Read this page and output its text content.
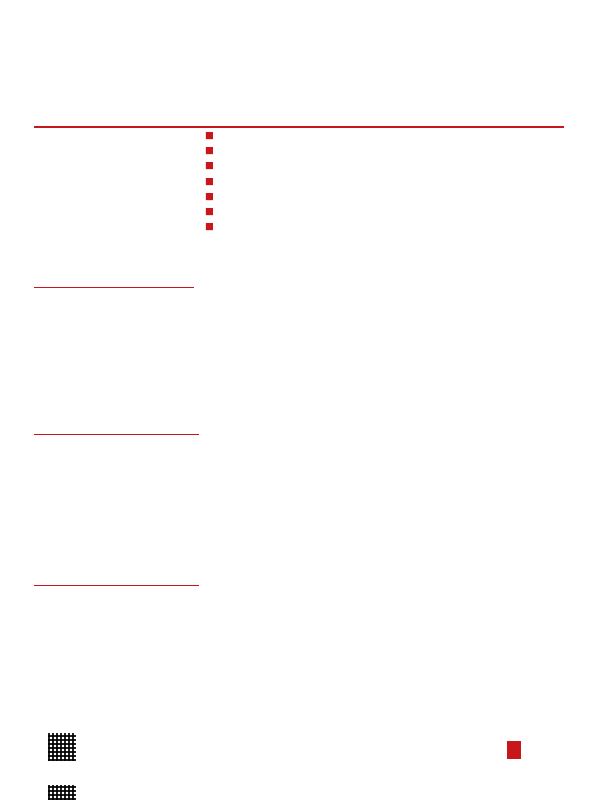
■

■

■

■

■

■

■
